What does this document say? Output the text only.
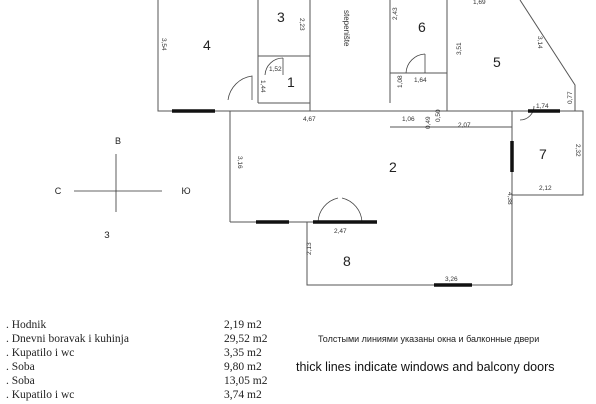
B
C	Ю
З
4
3
1
6
5
2
7
8
stepenište
1,69
3,54
2,23
1,52
1,44
4,67
2,43
1,64
1,08
1,06 0,49
0,50
2,07
3,51
3,14
1,74
0,77
3,16
2,32
2,12
4,38
2,47
2,13
3,26
. Hodnik	2,19 m2
. Dnevni boravak i kuhinja	29,52 m2
. Kupatilo i wc	3,35 m2
. Soba	9,80 m2
. Soba	13,05 m2
. Kupatilo i wc	3,74 m2
Толстыми линиями указаны окна и балконные двери
thick lines indicate windows and balcony doors
